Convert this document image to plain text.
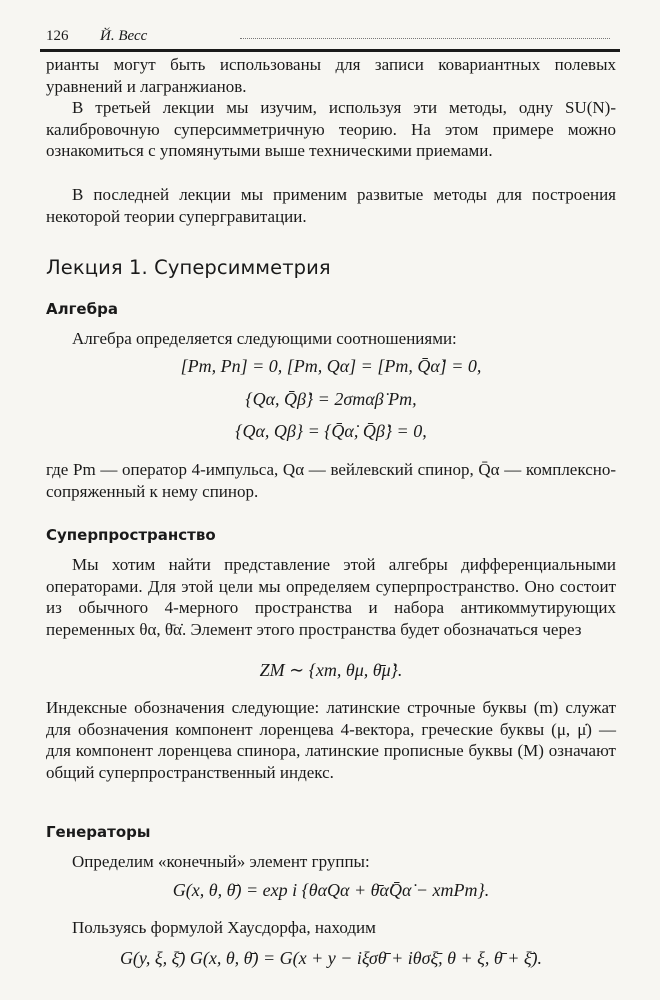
126 Й. Весс

рианты могут быть использованы для записи ковариантных полевых уравнений и лагранжианов.

В третьей лекции мы изучим, используя эти методы, одну SU(N)-калибровочную суперсимметричную теорию. На этом примере можно ознакомиться с упомянутыми выше техническими приемами.

В последней лекции мы применим развитые методы для построения некоторой теории супергравитации.

Лекция 1. Суперсимметрия
Алгебра

Алгебра определяется следующими соотношениями:

[Pm, Pn] = 0, [Pm, Qα] = [Pm, Q̄α̇] = 0,
{Qα, Q̄β̇} = 2σmαβ̇ Pm,
{Qα, Qβ} = {Q̄α̇, Q̄β̇} = 0,

где Pm — оператор 4-импульса, Qα — вейлевский спинор, Q̄α — комплексно-сопряженный к нему спинор.

Суперпространство

Мы хотим найти представление этой алгебры дифференциальными операторами. Для этой цели мы определяем суперпространство. Оно состоит из обычного 4-мерного пространства и набора антикоммутирующих переменных θα, θ̄α̇. Элемент этого пространства будет обозначаться через

ZM ∼ {xm, θμ, θ̄μ̇}.

Индексные обозначения следующие: латинские строчные буквы (m) служат для обозначения компонент лоренцева 4-вектора, греческие буквы (μ, μ̇) — для компонент лоренцева спинора, латинские прописные буквы (M) означают общий суперпространственный индекс.

Генераторы

Определим «конечный» элемент группы:

G(x, θ, θ̄) = exp i {θαQα + θ̄α̇Q̄α̇ − xmPm}.

Пользуясь формулой Хаусдорфа, находим

G(y, ξ, ξ̄) G(x, θ, θ̄) = G(x + y − iξσθ̄ + iθσξ̄, θ + ξ, θ̄ + ξ̄).
